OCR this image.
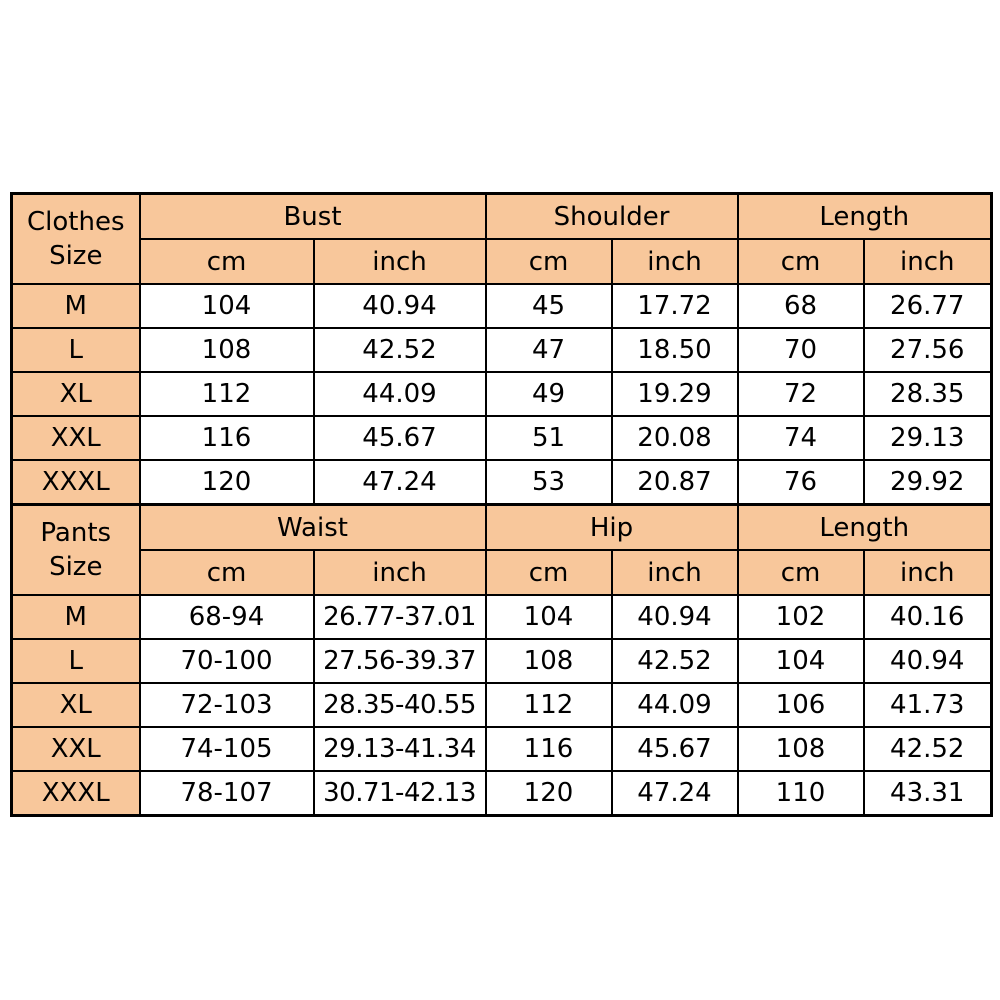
Clothes	Bust		Shoulder		Length	
Size	cm	inch	cm	inch	cm	inch
M	104	40.94	45	17.72	68	26.77
L	108	42.52	47	18.50	70	27.56
XL	112	44.09	49	19.29	72	28.35
XXL	116	45.67	51	20.08	74	29.13
XXXL	120	47.24	53	20.87	76	29.92
Pants	Waist		Hip		Length	
Size	cm	inch	cm	inch	cm	inch
M	68-94	26.77-37.01	104	40.94	102	40.16
L	70-100	27.56-39.37	108	42.52	104	40.94
XL	72-103	28.35-40.55	112	44.09	106	41.73
XXL	74-105	29.13-41.34	116	45.67	108	42.52
XXXL	78-107	30.71-42.13	120	47.24	110	43.31
